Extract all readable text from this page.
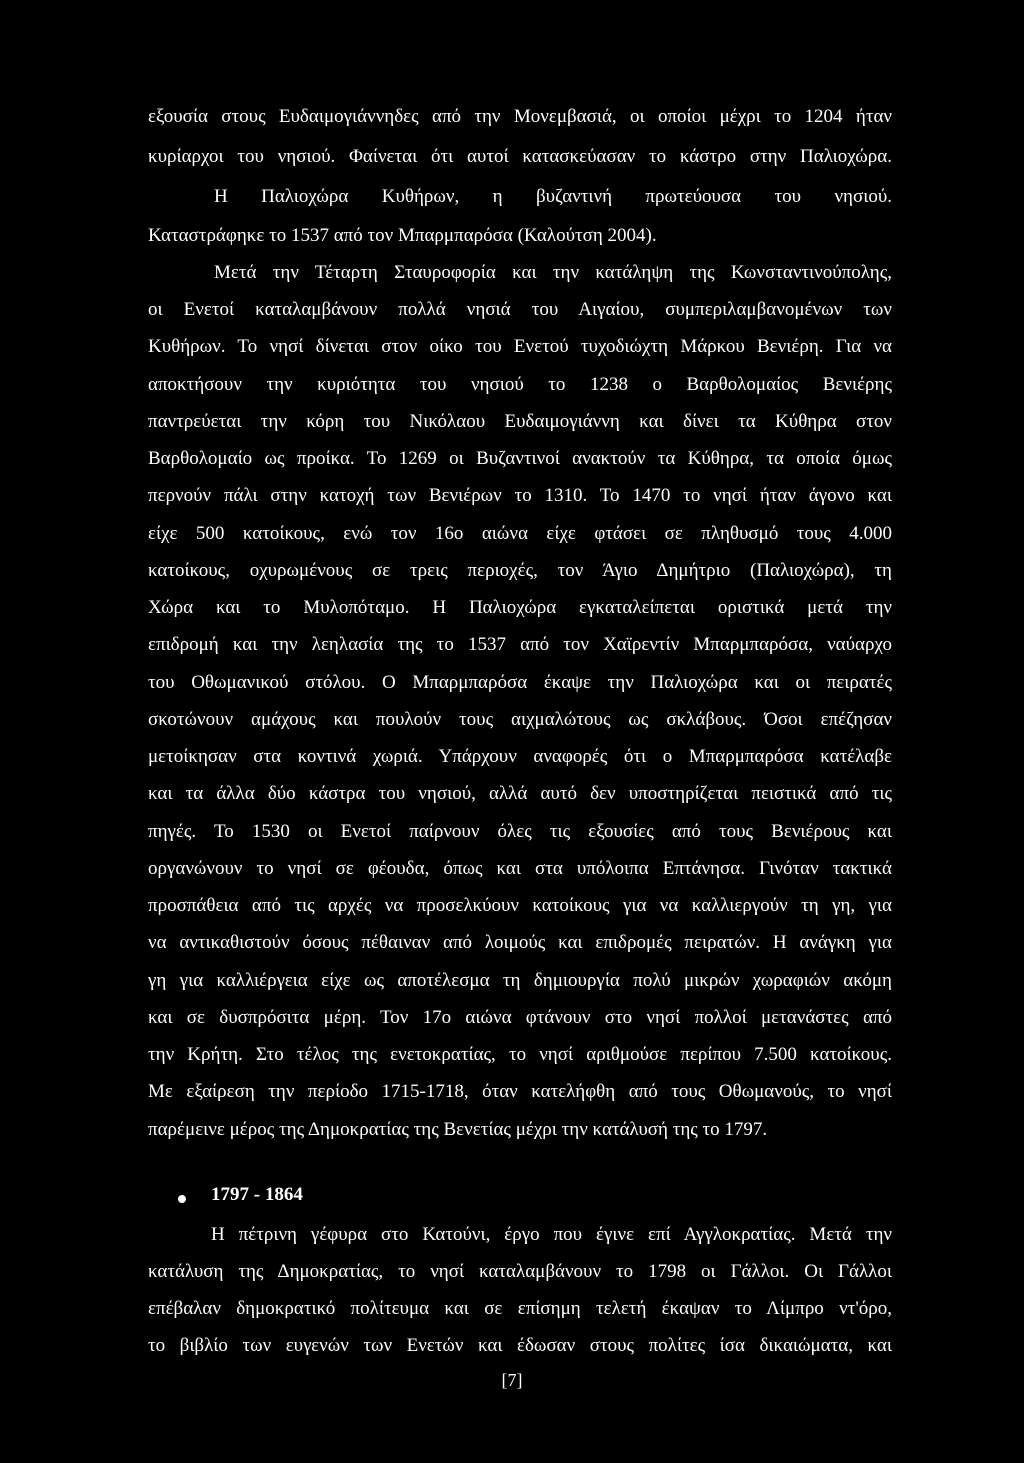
εξουσία στους Ευδαιμογιάννηδες από την Μονεμβασιά, οι οποίοι μέχρι το 1204 ήταν
κυρίαρχοι του νησιού. Φαίνεται ότι αυτοί κατασκεύασαν το κάστρο στην Παλιοχώρα.
Η Παλιοχώρα Κυθήρων, η βυζαντινή πρωτεύουσα του νησιού.
Καταστράφηκε το 1537 από τον Μπαρμπαρόσα (Καλούτση 2004).
Μετά την Τέταρτη Σταυροφορία και την κατάληψη της Κωνσταντινούπολης,
οι Ενετοί καταλαμβάνουν πολλά νησιά του Αιγαίου, συμπεριλαμβανομένων των
Κυθήρων. Το νησί δίνεται στον οίκο του Ενετού τυχοδιώχτη Μάρκου Βενιέρη. Για να
αποκτήσουν την κυριότητα του νησιού το 1238 ο Βαρθολομαίος Βενιέρης
παντρεύεται την κόρη του Νικόλαου Ευδαιμογιάννη και δίνει τα Κύθηρα στον
Βαρθολομαίο ως προίκα. Το 1269 οι Βυζαντινοί ανακτούν τα Κύθηρα, τα οποία όμως
περνούν πάλι στην κατοχή των Βενιέρων το 1310. Το 1470 το νησί ήταν άγονο και
είχε 500 κατοίκους, ενώ τον 16ο αιώνα είχε φτάσει σε πληθυσμό τους 4.000
κατοίκους, οχυρωμένους σε τρεις περιοχές, τον Άγιο Δημήτριο (Παλιοχώρα), τη
Χώρα και το Μυλοπόταμο. Η Παλιοχώρα εγκαταλείπεται οριστικά μετά την
επιδρομή και την λεηλασία της το 1537 από τον Χαϊρεντίν Μπαρμπαρόσα, ναύαρχο
του Οθωμανικού στόλου. Ο Μπαρμπαρόσα έκαψε την Παλιοχώρα και οι πειρατές
σκοτώνουν αμάχους και πουλούν τους αιχμαλώτους ως σκλάβους. Όσοι επέζησαν
μετοίκησαν στα κοντινά χωριά. Υπάρχουν αναφορές ότι ο Μπαρμπαρόσα κατέλαβε
και τα άλλα δύο κάστρα του νησιού, αλλά αυτό δεν υποστηρίζεται πειστικά από τις
πηγές. Το 1530 οι Ενετοί παίρνουν όλες τις εξουσίες από τους Βενιέρους και
οργανώνουν το νησί σε φέουδα, όπως και στα υπόλοιπα Επτάνησα. Γινόταν τακτικά
προσπάθεια από τις αρχές να προσελκύουν κατοίκους για να καλλιεργούν τη γη, για
να αντικαθιστούν όσους πέθαιναν από λοιμούς και επιδρομές πειρατών. Η ανάγκη για
γη για καλλιέργεια είχε ως αποτέλεσμα τη δημιουργία πολύ μικρών χωραφιών ακόμη
και σε δυσπρόσιτα μέρη. Τον 17ο αιώνα φτάνουν στο νησί πολλοί μετανάστες από
την Κρήτη. Στο τέλος της ενετοκρατίας, το νησί αριθμούσε περίπου 7.500 κατοίκους.
Με εξαίρεση την περίοδο 1715-1718, όταν κατελήφθη από τους Οθωμανούς, το νησί
παρέμεινε μέρος της Δημοκρατίας της Βενετίας μέχρι την κατάλυσή της το 1797.
1797 - 1864
Η πέτρινη γέφυρα στο Κατούνι, έργο που έγινε επί Αγγλοκρατίας. Μετά την
κατάλυση της Δημοκρατίας, το νησί καταλαμβάνουν το 1798 οι Γάλλοι. Οι Γάλλοι
επέβαλαν δημοκρατικό πολίτευμα και σε επίσημη τελετή έκαψαν το Λίμπρο ντ'όρο,
το βιβλίο των ευγενών των Ενετών και έδωσαν στους πολίτες ίσα δικαιώματα, και
[7]
